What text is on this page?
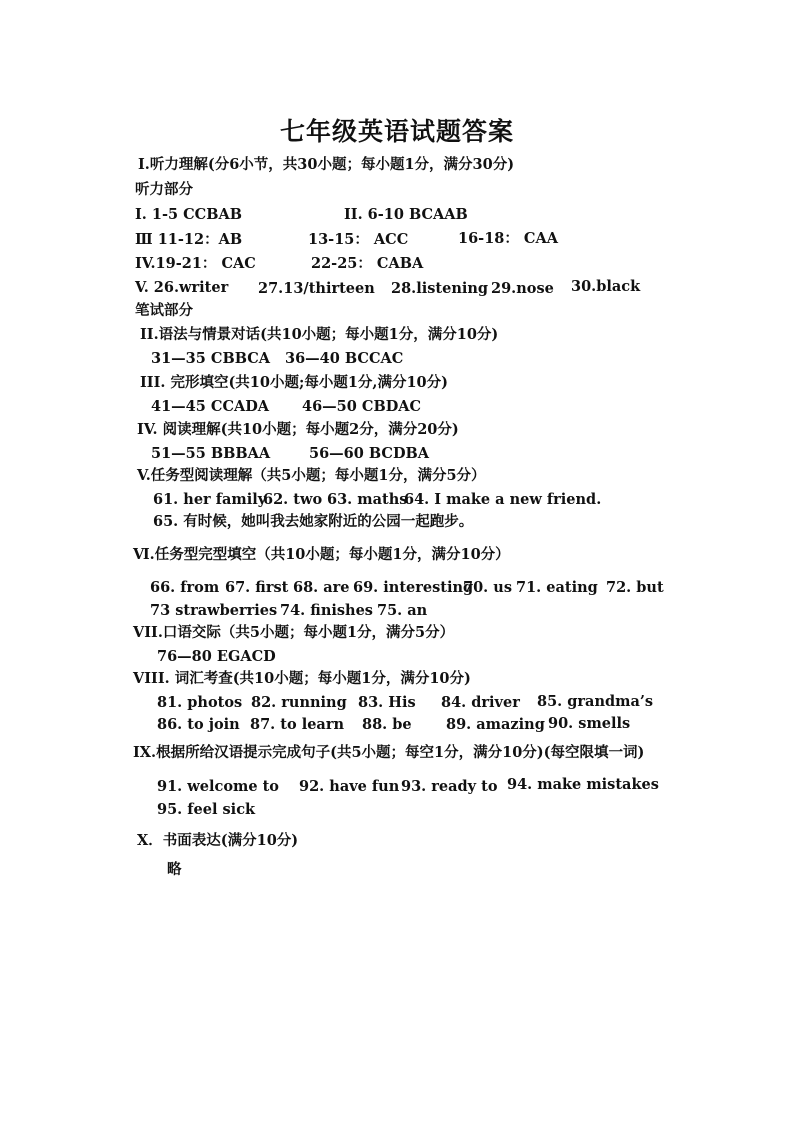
七年级英语试题答案
I.听力理解(分6小节，共30小题；每小题1分，满分30分)
听力部分
I. 1-5 CCBAB	II. 6-10 BCAAB
Ⅲ 11-12：AB	13-15： ACC	16-18： CAA
IV.19-21： CAC	22-25： CABA
V. 26.writer 27.13/thirteen 28.listening 29.nose 30.black
笔试部分
II.语法与情景对话(共10小题；每小题1分，满分10分)
31—35 CBBCA 36—40 BCCAC
III. 完形填空(共10小题;每小题1分,满分10分)
41—45 CCADA 46—50 CBDAC
IV. 阅读理解(共10小题；每小题2分，满分20分)
51—55 BBBAA	56—60 BCDBA
V.任务型阅读理解（共5小题；每小题1分，满分5分）
61. her family
62. two 63. maths
64. I make a new friend.
65. 有时候，她叫我去她家附近的公园一起跑步。
Ⅵ.任务型完型填空（共10小题；每小题1分，满分10分）
66. from 67. first 68. are 69. interesting
70. us 71. eating 72. but
73 strawberries 74. finishes 75. an
VII.口语交际（共5小题；每小题1分，满分5分）
76—80 EGACD
VIII. 词汇考查(共10小题；每小题1分，满分10分)
81. photos 82. running 83. His 84. driver 85. grandma’s
86. to join 87. to learn 88. be 89. amazing 90. smells
IX.根据所给汉语提示完成句子(共5小题；每空1分，满分10分)(每空限填一词)
91. welcome to 92. have fun 93. ready to 94. make mistakes
95. feel sick
X．书面表达(满分10分)
略
